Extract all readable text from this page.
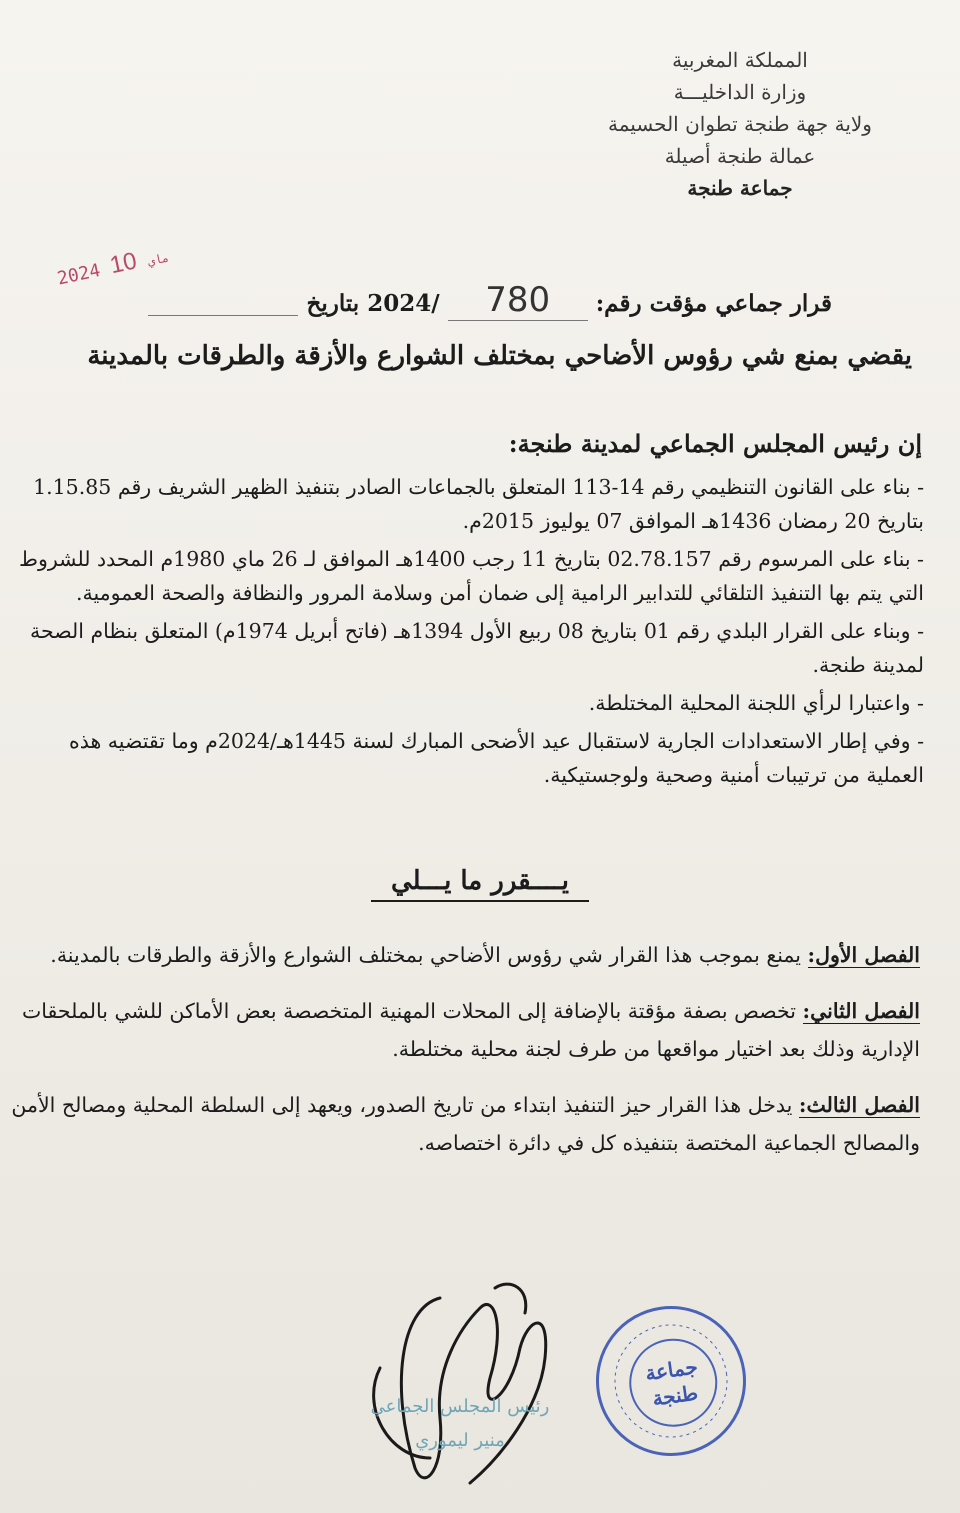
المملكة المغربية
وزارة الداخليـــة
ولاية جهة طنجة تطوان الحسيمة
عمالة طنجة أصيلة
جماعة طنجة
2024 ماي 10
قرار جماعي مؤقت رقم: 780 /2024 بتاريخ
يقضي بمنع شي رؤوس الأضاحي بمختلف الشوارع والأزقة والطرقات بالمدينة
إن رئيس المجلس الجماعي لمدينة طنجة:

- بناء على القانون التنظيمي رقم 14-113 المتعلق بالجماعات الصادر بتنفيذ الظهير الشريف رقم 1.15.85 بتاريخ 20 رمضان 1436هـ الموافق 07 يوليوز 2015م.

- بناء على المرسوم رقم 02.78.157 بتاريخ 11 رجب 1400هـ الموافق لـ 26 ماي 1980م المحدد للشروط التي يتم بها التنفيذ التلقائي للتدابير الرامية إلى ضمان أمن وسلامة المرور والنظافة والصحة العمومية.

- وبناء على القرار البلدي رقم 01 بتاريخ 08 ربيع الأول 1394هـ (فاتح أبريل 1974م) المتعلق بنظام الصحة لمدينة طنجة.

- واعتبارا لرأي اللجنة المحلية المختلطة.

- وفي إطار الاستعدادات الجارية لاستقبال عيد الأضحى المبارك لسنة 1445هـ/2024م وما تقتضيه هذه العملية من ترتيبات أمنية وصحية ولوجستيكية.

يــــقرر ما يـــلي

الفصل الأول: يمنع بموجب هذا القرار شي رؤوس الأضاحي بمختلف الشوارع والأزقة والطرقات بالمدينة.

الفصل الثاني: تخصص بصفة مؤقتة بالإضافة إلى المحلات المهنية المتخصصة بعض الأماكن للشي بالملحقات الإدارية وذلك بعد اختيار مواقعها من طرف لجنة محلية مختلطة.

الفصل الثالث: يدخل هذا القرار حيز التنفيذ ابتداء من تاريخ الصدور، ويعهد إلى السلطة المحلية ومصالح الأمن والمصالح الجماعية المختصة بتنفيذه كل في دائرة اختصاصه.

رئيس المجلس الجماعي
منير ليموري
جماعة
طنجة
